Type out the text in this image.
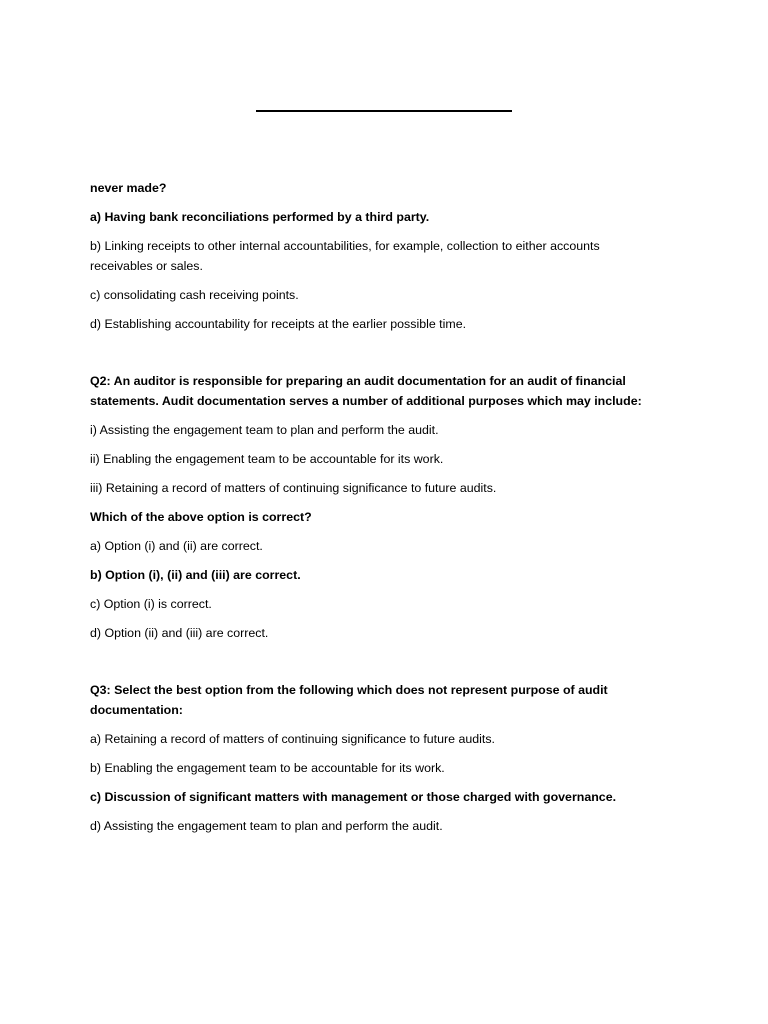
never made?

a) Having bank reconciliations performed by a third party.

b) Linking receipts to other internal accountabilities, for example, collection to either accounts receivables or sales.

c) consolidating cash receiving points.

d) Establishing accountability for receipts at the earlier possible time.

Q2: An auditor is responsible for preparing an audit documentation for an audit of financial statements. Audit documentation serves a number of additional purposes which may include:

i) Assisting the engagement team to plan and perform the audit.

ii) Enabling the engagement team to be accountable for its work.

iii) Retaining a record of matters of continuing significance to future audits.

Which of the above option is correct?

a) Option (i) and (ii) are correct.

b) Option (i), (ii) and (iii) are correct.

c) Option (i) is correct.

d) Option (ii) and (iii) are correct.

Q3: Select the best option from the following which does not represent purpose of audit documentation:

a) Retaining a record of matters of continuing significance to future audits.

b) Enabling the engagement team to be accountable for its work.

c) Discussion of significant matters with management or those charged with governance.

d) Assisting the engagement team to plan and perform the audit.
